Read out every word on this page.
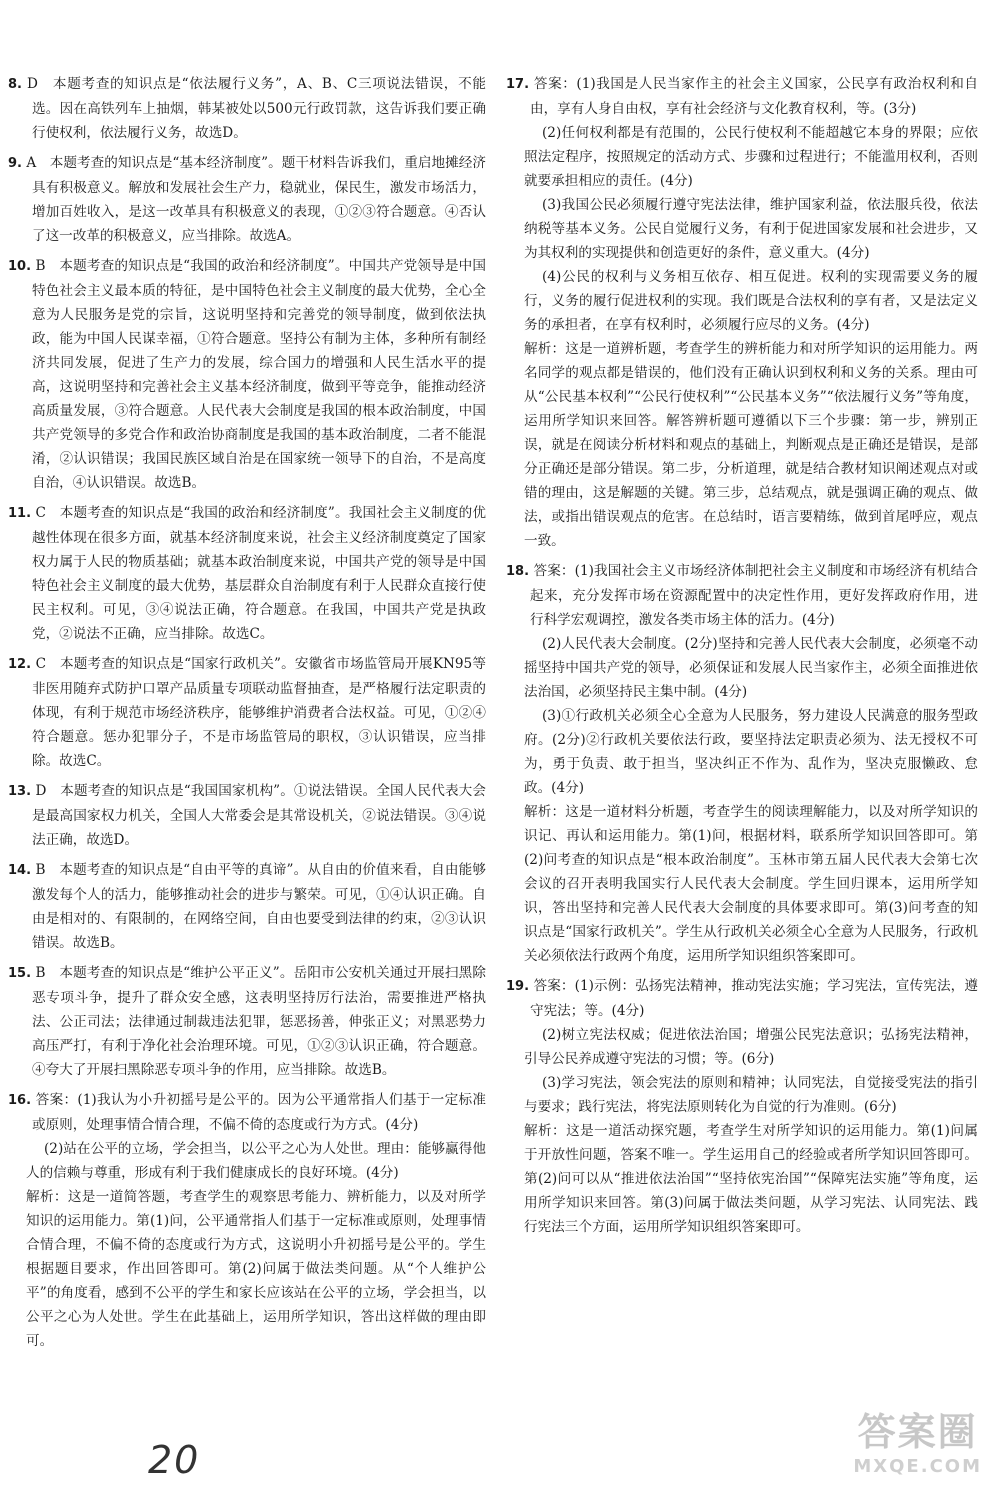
8. D　本题考查的知识点是“依法履行义务”，A、B、C三项说法错误，不能选。因在高铁列车上抽烟，韩某被处以500元行政罚款，这告诉我们要正确行使权利，依法履行义务，故选D。
9. A　本题考查的知识点是“基本经济制度”。题干材料告诉我们，重启地摊经济具有积极意义。解放和发展社会生产力，稳就业，保民生，激发市场活力，增加百姓收入，是这一改革具有积极意义的表现，①②③符合题意。④否认了这一改革的积极意义，应当排除。故选A。
10. B　本题考查的知识点是“我国的政治和经济制度”。中国共产党领导是中国特色社会主义最本质的特征，是中国特色社会主义制度的最大优势，全心全意为人民服务是党的宗旨，这说明坚持和完善党的领导制度，做到依法执政，能为中国人民谋幸福，①符合题意。坚持公有制为主体，多种所有制经济共同发展，促进了生产力的发展，综合国力的增强和人民生活水平的提高，这说明坚持和完善社会主义基本经济制度，做到平等竞争，能推动经济高质量发展，③符合题意。人民代表大会制度是我国的根本政治制度，中国共产党领导的多党合作和政治协商制度是我国的基本政治制度，二者不能混淆，②认识错误；我国民族区域自治是在国家统一领导下的自治，不是高度自治，④认识错误。故选B。
11. C　本题考查的知识点是“我国的政治和经济制度”。我国社会主义制度的优越性体现在很多方面，就基本经济制度来说，社会主义经济制度奠定了国家权力属于人民的物质基础；就基本政治制度来说，中国共产党的领导是中国特色社会主义制度的最大优势，基层群众自治制度有利于人民群众直接行使民主权利。可见，③④说法正确，符合题意。在我国，中国共产党是执政党，②说法不正确，应当排除。故选C。
12. C　本题考查的知识点是“国家行政机关”。安徽省市场监管局开展KN95等非医用随弃式防护口罩产品质量专项联动监督抽查，是严格履行法定职责的体现，有利于规范市场经济秩序，能够维护消费者合法权益。可见，①②④符合题意。惩办犯罪分子，不是市场监管局的职权，③认识错误，应当排除。故选C。
13. D　本题考查的知识点是“我国国家机构”。①说法错误。全国人民代表大会是最高国家权力机关，全国人大常委会是其常设机关，②说法错误。③④说法正确，故选D。
14. B　本题考查的知识点是“自由平等的真谛”。从自由的价值来看，自由能够激发每个人的活力，能够推动社会的进步与繁荣。可见，①④认识正确。自由是相对的、有限制的，在网络空间，自由也要受到法律的约束，②③认识错误。故选B。
15. B　本题考查的知识点是“维护公平正义”。岳阳市公安机关通过开展扫黑除恶专项斗争，提升了群众安全感，这表明坚持厉行法治，需要推进严格执法、公正司法；法律通过制裁违法犯罪，惩恶扬善，伸张正义；对黑恶势力高压严打，有利于净化社会治理环境。可见，①②③认识正确，符合题意。④夸大了开展扫黑除恶专项斗争的作用，应当排除。故选B。

16. 答案：(1)我认为小升初摇号是公平的。因为公平通常指人们基于一定标准或原则，处理事情合情合理，不偏不倚的态度或行为方式。(4分)

(2)站在公平的立场，学会担当，以公平之心为人处世。理由：能够赢得他人的信赖与尊重，形成有利于我们健康成长的良好环境。(4分)

解析：这是一道简答题，考查学生的观察思考能力、辨析能力，以及对所学知识的运用能力。第(1)问，公平通常指人们基于一定标准或原则，处理事情合情合理，不偏不倚的态度或行为方式，这说明小升初摇号是公平的。学生根据题目要求，作出回答即可。第(2)问属于做法类问题。从“个人维护公平”的角度看，感到不公平的学生和家长应该站在公平的立场，学会担当，以公平之心为人处世。学生在此基础上，运用所学知识，答出这样做的理由即可。

17. 答案：(1)我国是人民当家作主的社会主义国家，公民享有政治权利和自由，享有人身自由权，享有社会经济与文化教育权利，等。(3分)

(2)任何权利都是有范围的，公民行使权利不能超越它本身的界限；应依照法定程序，按照规定的活动方式、步骤和过程进行；不能滥用权利，否则就要承担相应的责任。(4分)

(3)我国公民必须履行遵守宪法法律，维护国家利益，依法服兵役，依法纳税等基本义务。公民自觉履行义务，有利于促进国家发展和社会进步，又为其权利的实现提供和创造更好的条件，意义重大。(4分)

(4)公民的权利与义务相互依存、相互促进。权利的实现需要义务的履行，义务的履行促进权利的实现。我们既是合法权利的享有者，又是法定义务的承担者，在享有权利时，必须履行应尽的义务。(4分)

解析：这是一道辨析题，考查学生的辨析能力和对所学知识的运用能力。两名同学的观点都是错误的，他们没有正确认识到权利和义务的关系。理由可从“公民基本权利”“公民行使权利”“公民基本义务”“依法履行义务”等角度，运用所学知识来回答。解答辨析题可遵循以下三个步骤：第一步，辨别正误，就是在阅读分析材料和观点的基础上，判断观点是正确还是错误，是部分正确还是部分错误。第二步，分析道理，就是结合教材知识阐述观点对或错的理由，这是解题的关键。第三步，总结观点，就是强调正确的观点、做法，或指出错误观点的危害。在总结时，语言要精练，做到首尾呼应，观点一致。

18. 答案：(1)我国社会主义市场经济体制把社会主义制度和市场经济有机结合起来，充分发挥市场在资源配置中的决定性作用，更好发挥政府作用，进行科学宏观调控，激发各类市场主体的活力。(4分)

(2)人民代表大会制度。(2分)坚持和完善人民代表大会制度，必须毫不动摇坚持中国共产党的领导，必须保证和发展人民当家作主，必须全面推进依法治国，必须坚持民主集中制。(4分)

(3)①行政机关必须全心全意为人民服务，努力建设人民满意的服务型政府。(2分)②行政机关要依法行政，要坚持法定职责必须为、法无授权不可为，勇于负责、敢于担当，坚决纠正不作为、乱作为，坚决克服懒政、怠政。(4分)

解析：这是一道材料分析题，考查学生的阅读理解能力，以及对所学知识的识记、再认和运用能力。第(1)问，根据材料，联系所学知识回答即可。第(2)问考查的知识点是“根本政治制度”。玉林市第五届人民代表大会第七次会议的召开表明我国实行人民代表大会制度。学生回归课本，运用所学知识，答出坚持和完善人民代表大会制度的具体要求即可。第(3)问考查的知识点是“国家行政机关”。学生从行政机关必须全心全意为人民服务，行政机关必须依法行政两个角度，运用所学知识组织答案即可。

19. 答案：(1)示例：弘扬宪法精神，推动宪法实施；学习宪法，宣传宪法，遵守宪法；等。(4分)

(2)树立宪法权威；促进依法治国；增强公民宪法意识；弘扬宪法精神，引导公民养成遵守宪法的习惯；等。(6分)

(3)学习宪法，领会宪法的原则和精神；认同宪法，自觉接受宪法的指引与要求；践行宪法，将宪法原则转化为自觉的行为准则。(6分)

解析：这是一道活动探究题，考查学生对所学知识的运用能力。第(1)问属于开放性问题，答案不唯一。学生运用自己的经验或者所学知识回答即可。第(2)问可以从“推进依法治国”“坚持依宪治国”“保障宪法实施”等角度，运用所学知识来回答。第(3)问属于做法类问题，从学习宪法、认同宪法、践行宪法三个方面，运用所学知识组织答案即可。

20
答案圈
MXQE.COM
